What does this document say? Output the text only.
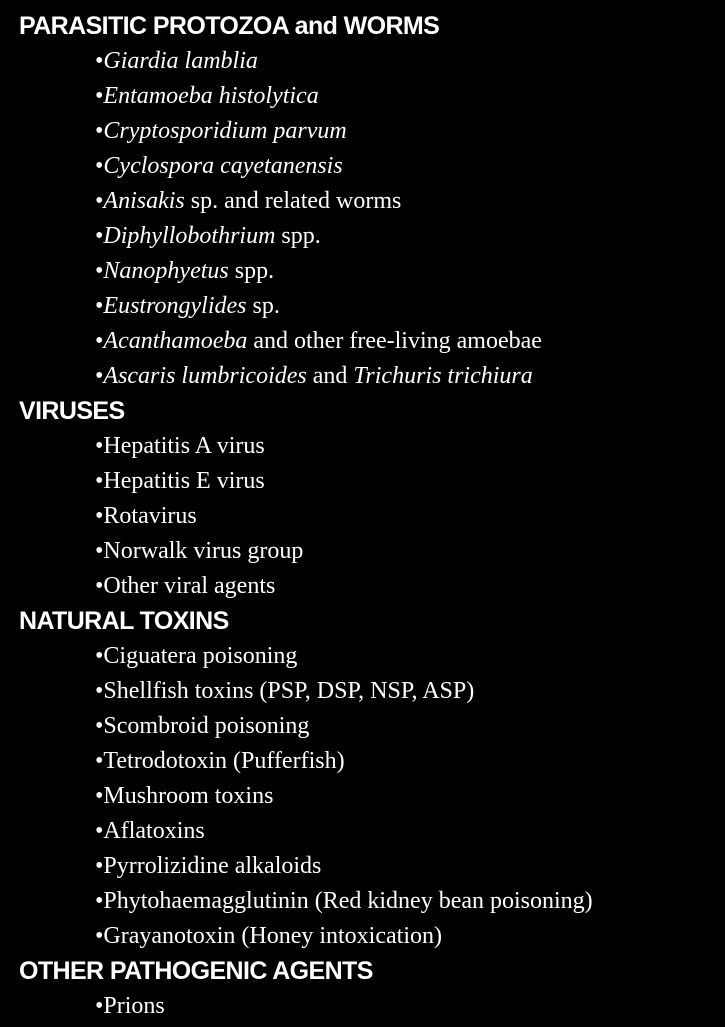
PARASITIC PROTOZOA and WORMS
•Giardia lamblia
•Entamoeba histolytica
•Cryptosporidium parvum
•Cyclospora cayetanensis
•Anisakis sp. and related worms
•Diphyllobothrium spp.
•Nanophyetus spp.
•Eustrongylides sp.
•Acanthamoeba and other free-living amoebae
•Ascaris lumbricoides and Trichuris trichiura
VIRUSES
•Hepatitis A virus
•Hepatitis E virus
•Rotavirus
•Norwalk virus group
•Other viral agents
NATURAL TOXINS
•Ciguatera poisoning
•Shellfish toxins (PSP, DSP, NSP, ASP)
•Scombroid poisoning
•Tetrodotoxin (Pufferfish)
•Mushroom toxins
•Aflatoxins
•Pyrrolizidine alkaloids
•Phytohaemagglutinin (Red kidney bean poisoning)
•Grayanotoxin (Honey intoxication)
OTHER PATHOGENIC AGENTS
•Prions
